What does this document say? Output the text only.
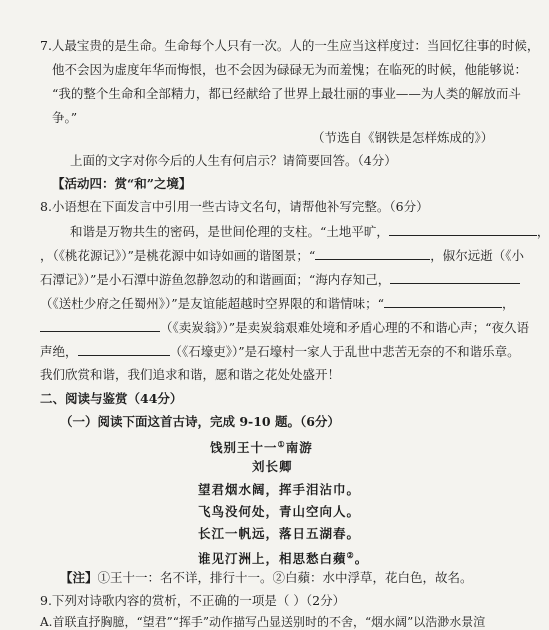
7.人最宝贵的是生命。生命每个人只有一次。人的一生应当这样度过：当回忆往事的时候，
他不会因为虚度年华而悔恨，也不会因为碌碌无为而羞愧；在临死的时候，他能够说：
“我的整个生命和全部精力，都已经献给了世界上最壮丽的事业——为人类的解放而斗
争。”
（节选自《钢铁是怎样炼成的》）
上面的文字对你今后的人生有何启示？请简要回答。（4分）
【活动四：赏“和”之境】
8.小语想在下面发言中引用一些古诗文名句，请帮他补写完整。（6分）
和谐是万物共生的密码，是世间伦理的支柱。“土地平旷，	，
，（《桃花源记》）”是桃花源中如诗如画的谐图景；“	，俶尔远逝（《小
石潭记》）”是小石潭中游鱼忽静忽动的和谐画面；“海内存知己，
（《送杜少府之任蜀州》）”是友谊能超越时空界限的和谐情味；“	，
（《卖炭翁》）”是卖炭翁艰难处境和矛盾心理的不和谐心声；“夜久语
声绝，	（《石壕吏》）”是石壕村一家人于乱世中悲苦无奈的不和谐乐章。
我们欣赏和谐，我们追求和谐，愿和谐之花处处盛开！
二、阅读与鉴赏（44分）
（一）阅读下面这首古诗，完成 9-10 题。（6分）
饯别王十一①南游
刘长卿
望君烟水阔，挥手泪沾巾。
飞鸟没何处，青山空向人。
长江一帆远，落日五湖春。
谁见汀洲上，相思愁白蘋②。
【注】①王十一：名不详，排行十一。②白蘋：水中浮草，花白色，故名。
9.下列对诗歌内容的赏析，不正确的一项是（ ）（2分）
A.首联直抒胸臆，“望君”“挥手”动作描写凸显送别时的不舍，“烟水阔”以浩渺水景渲
